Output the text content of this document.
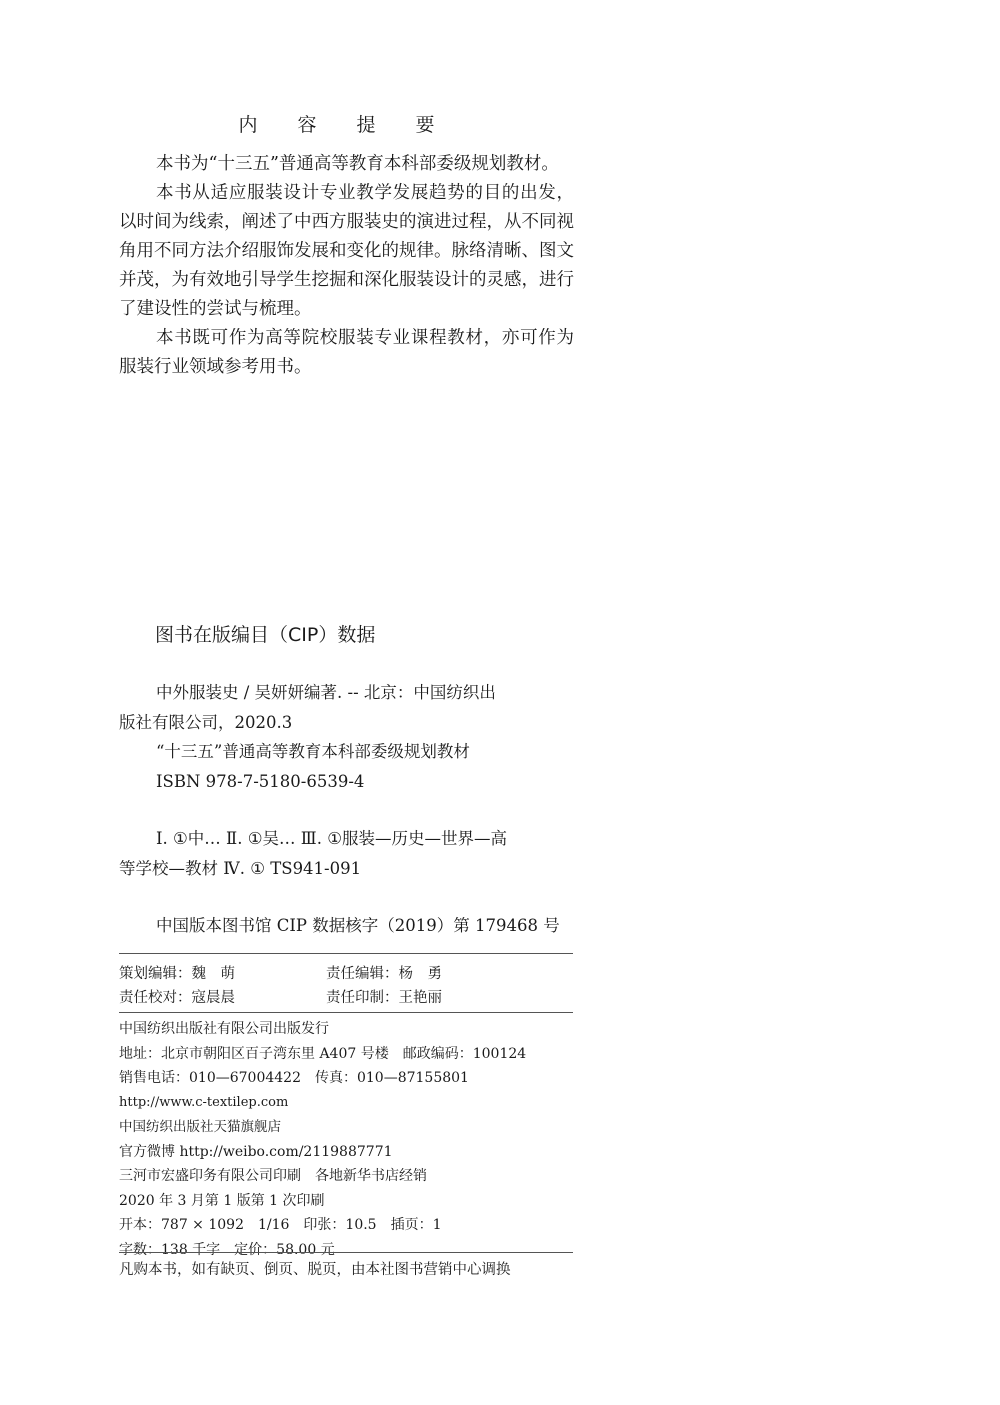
内 容 提 要

本书为“十三五”普通高等教育本科部委级规划教材。

本书从适应服装设计专业教学发展趋势的目的出发，以时间为线索，阐述了中西方服装史的演进过程，从不同视角用不同方法介绍服饰发展和变化的规律。脉络清晰、图文并茂，为有效地引导学生挖掘和深化服装设计的灵感，进行了建设性的尝试与梳理。

本书既可作为高等院校服装专业课程教材，亦可作为服装行业领域参考用书。

图书在版编目（CIP）数据
中外服装史 / 吴妍妍编著. -- 北京：中国纺织出
版社有限公司，2020.3
“十三五”普通高等教育本科部委级规划教材
ISBN 978-7-5180-6539-4
Ⅰ. ①中… Ⅱ. ①吴… Ⅲ. ①服装—历史—世界—高
等学校—教材 Ⅳ. ① TS941-091
中国版本图书馆 CIP 数据核字（2019）第 179468 号
策划编辑：魏　萌	责任编辑：杨　勇
责任校对：寇晨晨	责任印制：王艳丽
中国纺织出版社有限公司出版发行
地址：北京市朝阳区百子湾东里 A407 号楼　邮政编码：100124
销售电话：010—67004422　传真：010—87155801
http://www.c-textilep.com
中国纺织出版社天猫旗舰店
官方微博 http://weibo.com/2119887771
三河市宏盛印务有限公司印刷　各地新华书店经销
2020 年 3 月第 1 版第 1 次印刷
开本：787 × 1092　1/16　印张：10.5　插页：1
字数：138 千字　定价：58.00 元
凡购本书，如有缺页、倒页、脱页，由本社图书营销中心调换
